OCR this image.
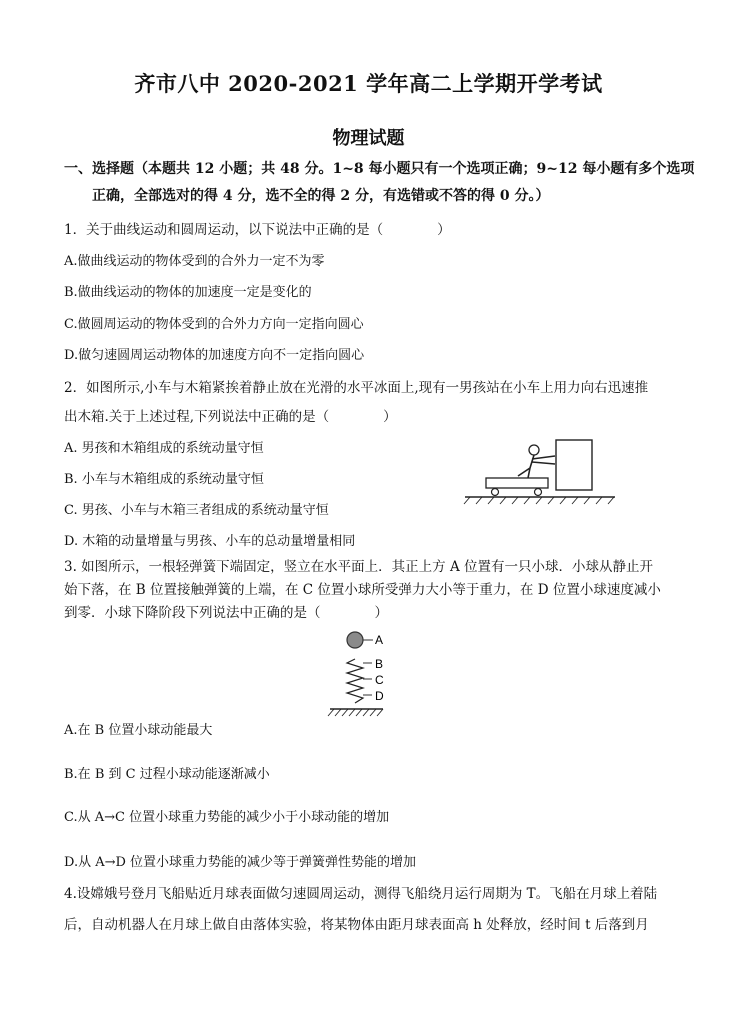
齐市八中 2020-2021 学年高二上学期开学考试
物理试题
一、选择题（本题共 12 小题；共 48 分。1~8 每小题只有一个选项正确；9~12 每小题有多个选项
正确，全部选对的得 4 分，选不全的得 2 分，有选错或不答的得 0 分。）
1．关于曲线运动和圆周运动，以下说法中正确的是（　　　　）
A.做曲线运动的物体受到的合外力一定不为零
B.做曲线运动的物体的加速度一定是变化的
C.做圆周运动的物体受到的合外力方向一定指向圆心
D.做匀速圆周运动物体的加速度方向不一定指向圆心
2．如图所示,小车与木箱紧挨着静止放在光滑的水平冰面上,现有一男孩站在小车上用力向右迅速推
出木箱.关于上述过程,下列说法中正确的是（　　　　）
A. 男孩和木箱组成的系统动量守恒
B. 小车与木箱组成的系统动量守恒
C. 男孩、小车与木箱三者组成的系统动量守恒
D. 木箱的动量增量与男孩、小车的总动量增量相同
3. 如图所示，一根轻弹簧下端固定，竖立在水平面上．其正上方 A 位置有一只小球．小球从静止开
始下落，在 B 位置接触弹簧的上端，在 C 位置小球所受弹力大小等于重力，在 D 位置小球速度减小
到零．小球下降阶段下列说法中正确的是（　　　　）
A
B
C
D
A.在 B 位置小球动能最大
B.在 B 到 C 过程小球动能逐渐减小
C.从 A→C 位置小球重力势能的减少小于小球动能的增加
D.从 A→D 位置小球重力势能的减少等于弹簧弹性势能的增加
4.设嫦娥号登月飞船贴近月球表面做匀速圆周运动，测得飞船绕月运行周期为 T。飞船在月球上着陆
后，自动机器人在月球上做自由落体实验，将某物体由距月球表面高 h 处释放，经时间 t 后落到月
